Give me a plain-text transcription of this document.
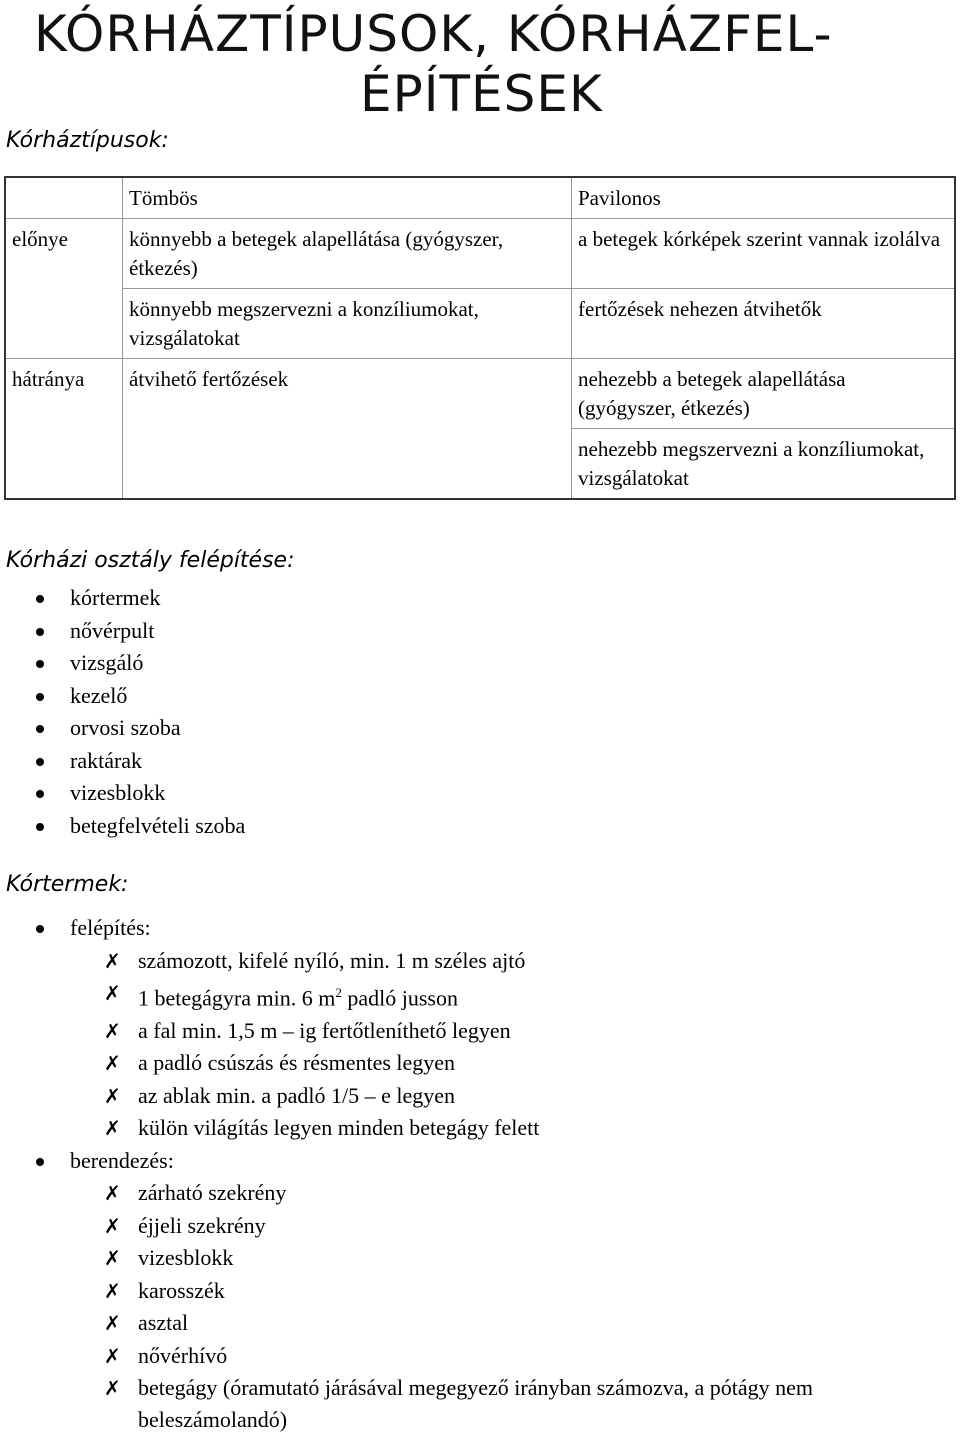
KÓRHÁZTÍPUSOK, KÓRHÁZFEL-
ÉPÍTÉSEK
Kórháztípusok:
	Tömbös	Pavilonos
előnye	könnyebb a betegek alapellátása (gyógyszer, étkezés)	a betegek kórképek szerint vannak izolálva
	könnyebb megszervezni a konzíliumokat, vizsgálatokat	fertőzések nehezen átvihetők
hátránya	átvihető fertőzések	nehezebb a betegek alapellátása (gyógyszer, étkezés)
		nehezebb megszervezni a konzíliumokat, vizsgálatokat
Kórházi osztály felépítése:
kórtermek
nővérpult
vizsgáló
kezelő
orvosi szoba
raktárak
vizesblokk
betegfelvételi szoba
Kórtermek:
felépítés:
✗ számozott, kifelé nyíló, min. 1 m széles ajtó
✗ 1 betegágyra min. 6 $m^2$ padló jusson
✗ a fal min. 1,5 m – ig fertőtleníthető legyen
✗ a padló csúszás és résmentes legyen
✗ az ablak min. a padló 1/5 – e legyen
✗ külön világítás legyen minden betegágy felett
berendezés:
✗ zárható szekrény
✗ éjjeli szekrény
✗ vizesblokk
✗ karosszék
✗ asztal
✗ nővérhívó
✗ betegágy (óramutató járásával megegyező irányban számozva, a pótágy nem beleszámolandó)
